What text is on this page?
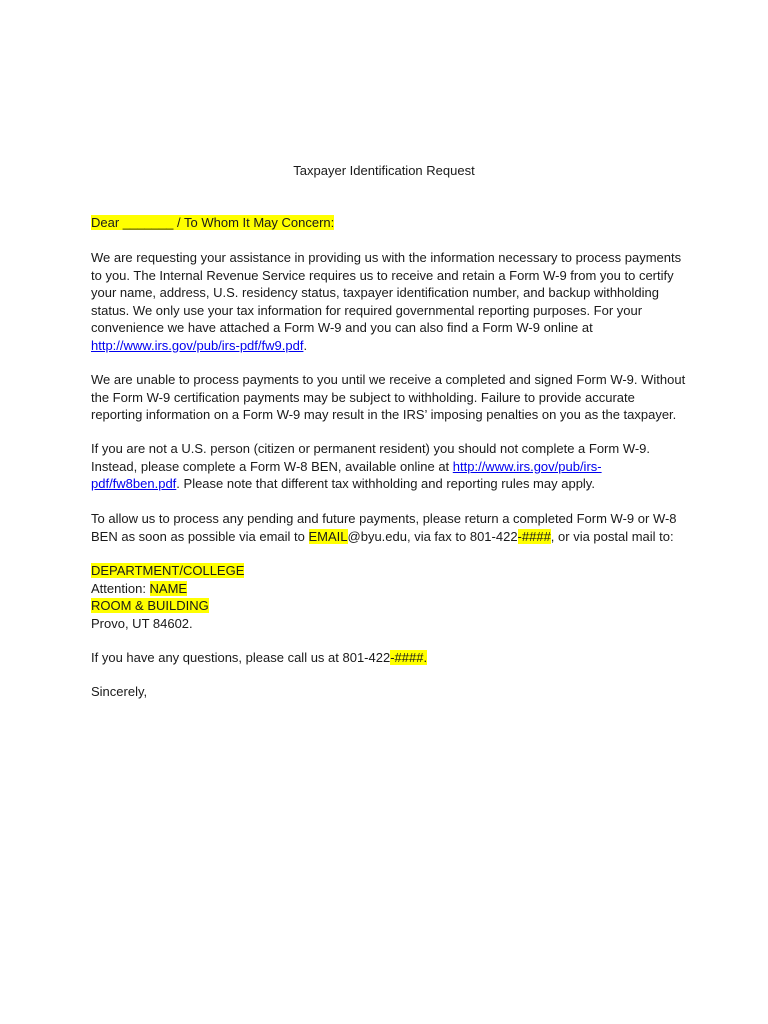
Taxpayer Identification Request

Dear _______ / To Whom It May Concern:

We are requesting your assistance in providing us with the information necessary to process payments

to you. The Internal Revenue Service requires us to receive and retain a Form W-9 from you to certify

your name, address, U.S. residency status, taxpayer identification number, and backup withholding

status. We only use your tax information for required governmental reporting purposes. For your

convenience we have attached a Form W-9 and you can also find a Form W-9 online at

http://www.irs.gov/pub/irs-pdf/fw9.pdf.

We are unable to process payments to you until we receive a completed and signed Form W-9. Without

the Form W-9 certification payments may be subject to withholding. Failure to provide accurate

reporting information on a Form W-9 may result in the IRS’ imposing penalties on you as the taxpayer.

If you are not a U.S. person (citizen or permanent resident) you should not complete a Form W-9.

Instead, please complete a Form W-8 BEN, available online at http://www.irs.gov/pub/irs-

pdf/fw8ben.pdf. Please note that different tax withholding and reporting rules may apply.

To allow us to process any pending and future payments, please return a completed Form W-9 or W-8

BEN as soon as possible via email to EMAIL@byu.edu, via fax to 801-422-####, or via postal mail to:

DEPARTMENT/COLLEGE

Attention: NAME

ROOM & BUILDING

Provo, UT 84602.

If you have any questions, please call us at 801-422-####.

Sincerely,
